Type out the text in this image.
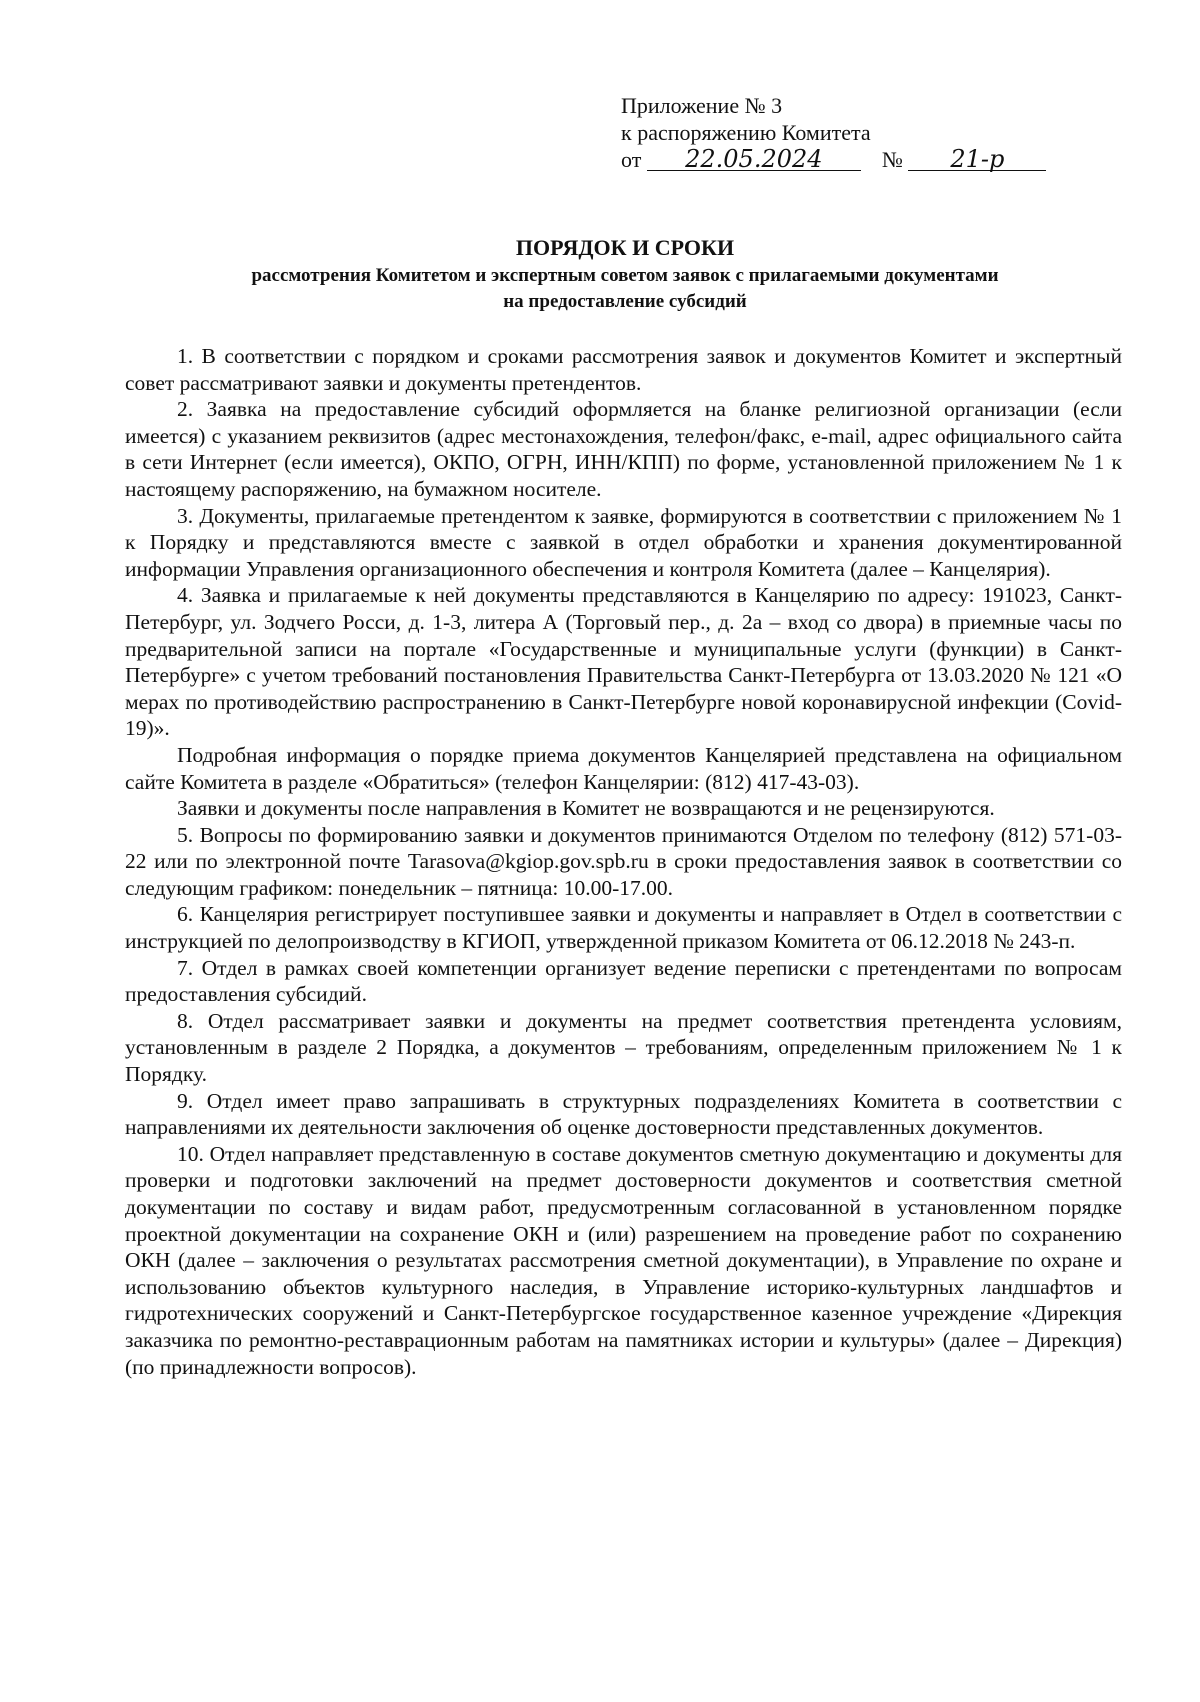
Приложение № 3
к распоряжению Комитета
от 22.05.2024	№ 21-р
ПОРЯДОК И СРОКИ
рассмотрения Комитетом и экспертным советом заявок с прилагаемыми документами
на предоставление субсидий

1. В соответствии с порядком и сроками рассмотрения заявок и документов Комитет и экспертный совет рассматривают заявки и документы претендентов.

2. Заявка на предоставление субсидий оформляется на бланке религиозной организации (если имеется) с указанием реквизитов (адрес местонахождения, телефон/факс, e-mail, адрес официального сайта в сети Интернет (если имеется), ОКПО, ОГРН, ИНН/КПП) по форме, установленной приложением № 1 к настоящему распоряжению, на бумажном носителе.

3. Документы, прилагаемые претендентом к заявке, формируются в соответствии с приложением № 1 к Порядку и представляются вместе с заявкой в отдел обработки и хранения документированной информации Управления организационного обеспечения и контроля Комитета (далее – Канцелярия).

4. Заявка и прилагаемые к ней документы представляются в Канцелярию по адресу: 191023, Санкт-Петербург, ул. Зодчего Росси, д. 1-3, литера А (Торговый пер., д. 2а – вход со двора) в приемные часы по предварительной записи на портале «Государственные и муниципальные услуги (функции) в Санкт-Петербурге» с учетом требований постановления Правительства Санкт-Петербурга от 13.03.2020 № 121 «О мерах по противодействию распространению в Санкт-Петербурге новой коронавирусной инфекции (Covid-19)».

Подробная информация о порядке приема документов Канцелярией представлена на официальном сайте Комитета в разделе «Обратиться» (телефон Канцелярии: (812) 417-43-03).

Заявки и документы после направления в Комитет не возвращаются и не рецензируются.

5. Вопросы по формированию заявки и документов принимаются Отделом по телефону (812) 571-03-22 или по электронной почте Tarasova@kgiop.gov.spb.ru в сроки предоставления заявок в соответствии со следующим графиком: понедельник – пятница: 10.00-17.00.

6. Канцелярия регистрирует поступившее заявки и документы и направляет в Отдел в соответствии с инструкцией по делопроизводству в КГИОП, утвержденной приказом Комитета от 06.12.2018 № 243-п.

7. Отдел в рамках своей компетенции организует ведение переписки с претендентами по вопросам предоставления субсидий.

8. Отдел рассматривает заявки и документы на предмет соответствия претендента условиям, установленным в разделе 2 Порядка, а документов – требованиям, определенным приложением № 1 к Порядку.

9. Отдел имеет право запрашивать в структурных подразделениях Комитета в соответствии с направлениями их деятельности заключения об оценке достоверности представленных документов.

10. Отдел направляет представленную в составе документов сметную документацию и документы для проверки и подготовки заключений на предмет достоверности документов и соответствия сметной документации по составу и видам работ, предусмотренным согласованной в установленном порядке проектной документации на сохранение ОКН и (или) разрешением на проведение работ по сохранению ОКН (далее – заключения о результатах рассмотрения сметной документации), в Управление по охране и использованию объектов культурного наследия, в Управление историко-культурных ландшафтов и гидротехнических сооружений и Санкт-Петербургское государственное казенное учреждение «Дирекция заказчика по ремонтно-реставрационным работам на памятниках истории и культуры» (далее – Дирекция) (по принадлежности вопросов).
